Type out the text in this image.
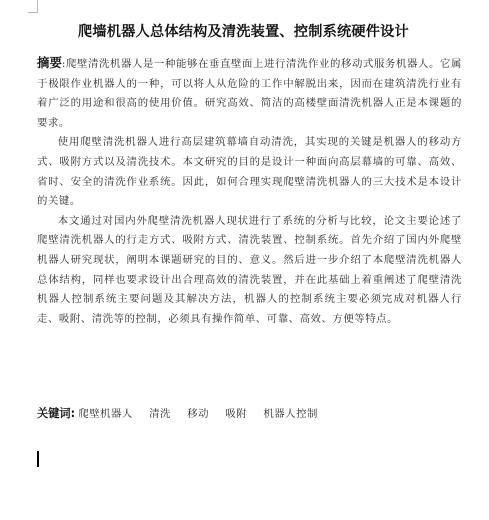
爬墙机器人总体结构及清洗装置、控制系统硬件设计

摘要:爬壁清洗机器人是一种能够在垂直壁面上进行清洗作业的移动式服务机器人。它属于极限作业机器人的一种，可以将人从危险的工作中解脱出来，因而在建筑清洗行业有着广泛的用途和很高的使用价值。研究高效、简洁的高楼壁面清洗机器人正是本课题的要求。

使用爬壁清洗机器人进行高层建筑幕墙自动清洗，其实现的关键是机器人的移动方式、吸附方式以及清洗技术。本文研究的目的是设计一种面向高层幕墙的可靠、高效、省时、安全的清洗作业系统。因此，如何合理实现爬壁清洗机器人的三大技术是本设计的关键。

本文通过对国内外爬壁清洗机器人现状进行了系统的分析与比较，论文主要论述了爬壁清洗机器人的行走方式、吸附方式、清洗装置、控制系统。首先介绍了国内外爬壁机器人研究现状，阐明本课题研究的目的、意义。然后进一步介绍了本爬壁清洗机器人总体结构，同样也要求设计出合理高效的清洗装置，并在此基础上着重阐述了爬壁清洗机器人控制系统主要问题及其解决方法，机器人的控制系统主要必须完成对机器人行走、吸附、清洗等的控制，必须具有操作简单、可靠、高效、方便等特点。

关键词: 爬壁机器人 清洗 移动 吸附 机器人控制
